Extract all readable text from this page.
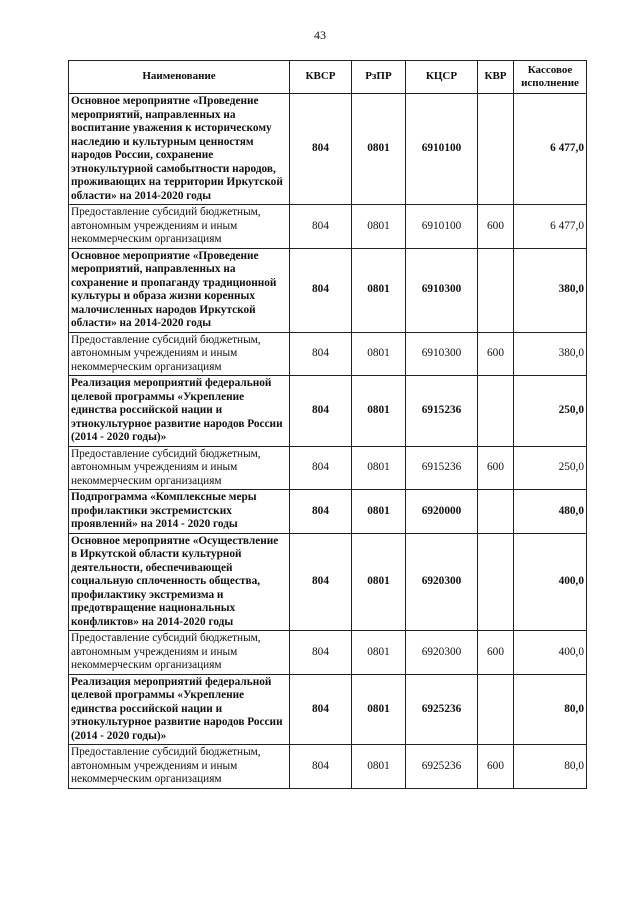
43
Наименование	КВСР	РзПР	КЦСР	КВР	Кассовое исполнение
Основное мероприятие «Проведение мероприятий, направленных на воспитание уважения к историческому наследию и культурным ценностям народов России, сохранение этнокультурной самобытности народов, проживающих на территории Иркутской области» на 2014-2020 годы	804	0801	6910100		6 477,0
Предоставление субсидий бюджетным, автономным учреждениям и иным некоммерческим организациям	804	0801	6910100	600	6 477,0
Основное мероприятие «Проведение мероприятий, направленных на сохранение и пропаганду традиционной культуры и образа жизни коренных малочисленных народов Иркутской области» на 2014-2020 годы	804	0801	6910300		380,0
Предоставление субсидий бюджетным, автономным учреждениям и иным некоммерческим организациям	804	0801	6910300	600	380,0
Реализация мероприятий федеральной целевой программы «Укрепление единства российской нации и этнокультурное развитие народов России (2014 - 2020 годы)»	804	0801	6915236		250,0
Предоставление субсидий бюджетным, автономным учреждениям и иным некоммерческим организациям	804	0801	6915236	600	250,0
Подпрограмма «Комплексные меры профилактики экстремистских проявлений» на 2014 - 2020 годы	804	0801	6920000		480,0
Основное мероприятие «Осуществление в Иркутской области культурной деятельности, обеспечивающей социальную сплоченность общества, профилактику экстремизма и предотвращение национальных конфликтов» на 2014-2020 годы	804	0801	6920300		400,0
Предоставление субсидий бюджетным, автономным учреждениям и иным некоммерческим организациям	804	0801	6920300	600	400,0
Реализация мероприятий федеральной целевой программы «Укрепление единства российской нации и этнокультурное развитие народов России (2014 - 2020 годы)»	804	0801	6925236		80,0
Предоставление субсидий бюджетным, автономным учреждениям и иным некоммерческим организациям	804	0801	6925236	600	80,0
